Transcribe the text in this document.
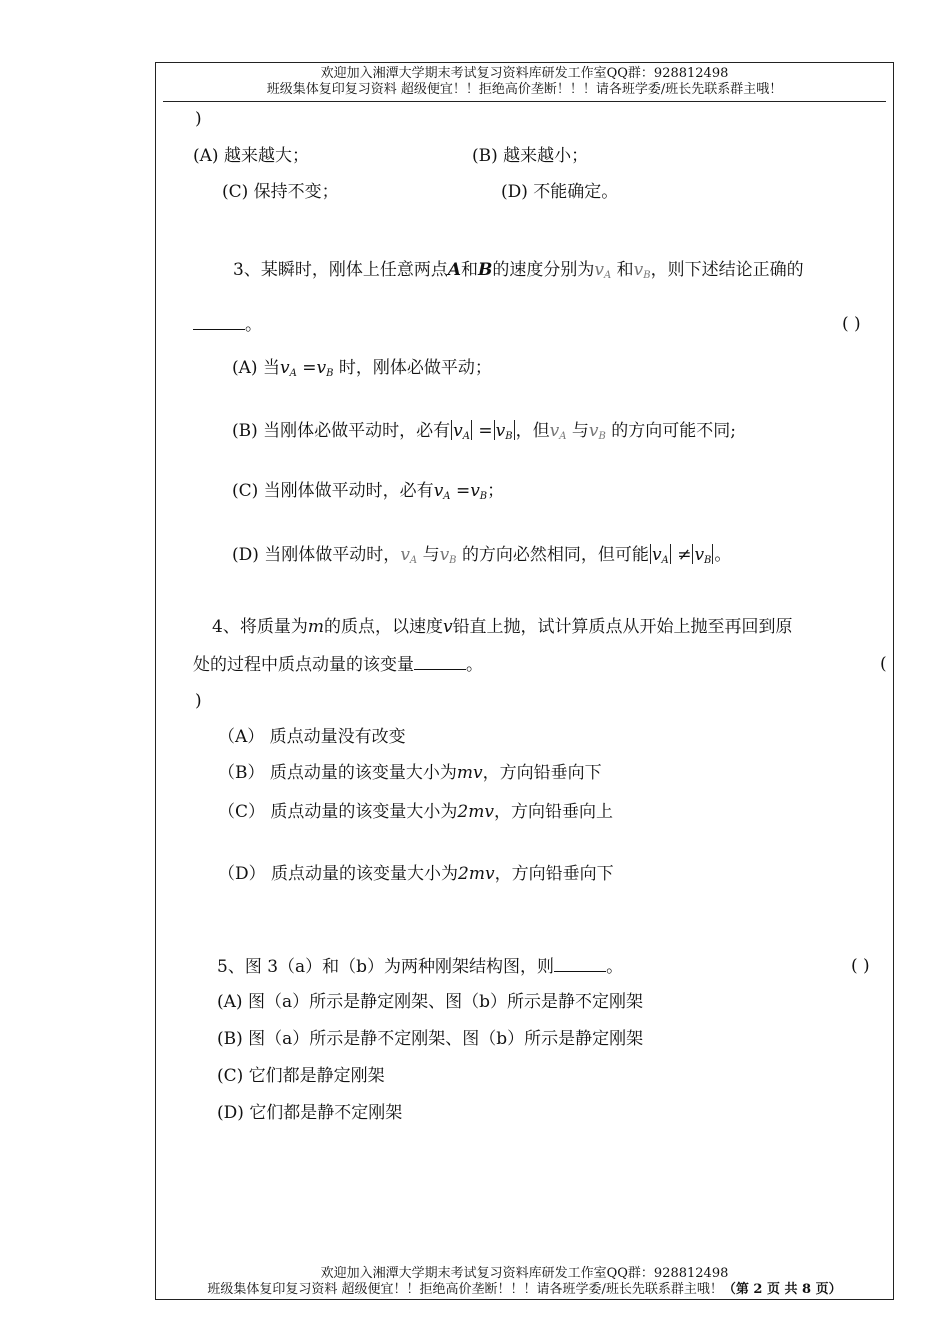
欢迎加入湘潭大学期末考试复习资料库研发工作室QQ群：928812498
班级集体复印复习资料 超级便宜！！拒绝高价垄断！！！请各班学委/班长先联系群主哦！
)
(A) 越来越大；	(B) 越来越小；
(C) 保持不变；	(D) 不能确定。
3、某瞬时，刚体上任意两点A和B的速度分别为$v_A$ 和$v_B$，则下述结论正确的
。	( )
(A) 当$v_A =v_B$ 时，刚体必做平动；
(B) 当刚体必做平动时，必有 $v_A = v_B$ ，但$v_A$ 与$v_B$ 的方向可能不同;
(C) 当刚体做平动时，必有$v_A =v_B$；
(D) 当刚体做平动时，$v_A$ 与$v_B$ 的方向必然相同，但可能 $v_A \ne v_B$ 。
4、将质量为m的质点，以速度v铅直上抛，试计算质点从开始上抛至再回到原
处的过程中质点动量的该变量	。	(
)
（A） 质点动量没有改变
（B） 质点动量的该变量大小为mv，方向铅垂向下
（C） 质点动量的该变量大小为2mv，方向铅垂向上
（D） 质点动量的该变量大小为2mv，方向铅垂向下
5、图 3（a）和（b）为两种刚架结构图，则	。	( )
(A) 图（a）所示是静定刚架、图（b）所示是静不定刚架
(B) 图（a）所示是静不定刚架、图（b）所示是静定刚架
(C) 它们都是静定刚架
(D) 它们都是静不定刚架
欢迎加入湘潭大学期末考试复习资料库研发工作室QQ群：928812498
班级集体复印复习资料 超级便宜！！拒绝高价垄断！！！请各班学委/班长先联系群主哦！（第 2 页 共 8 页）
